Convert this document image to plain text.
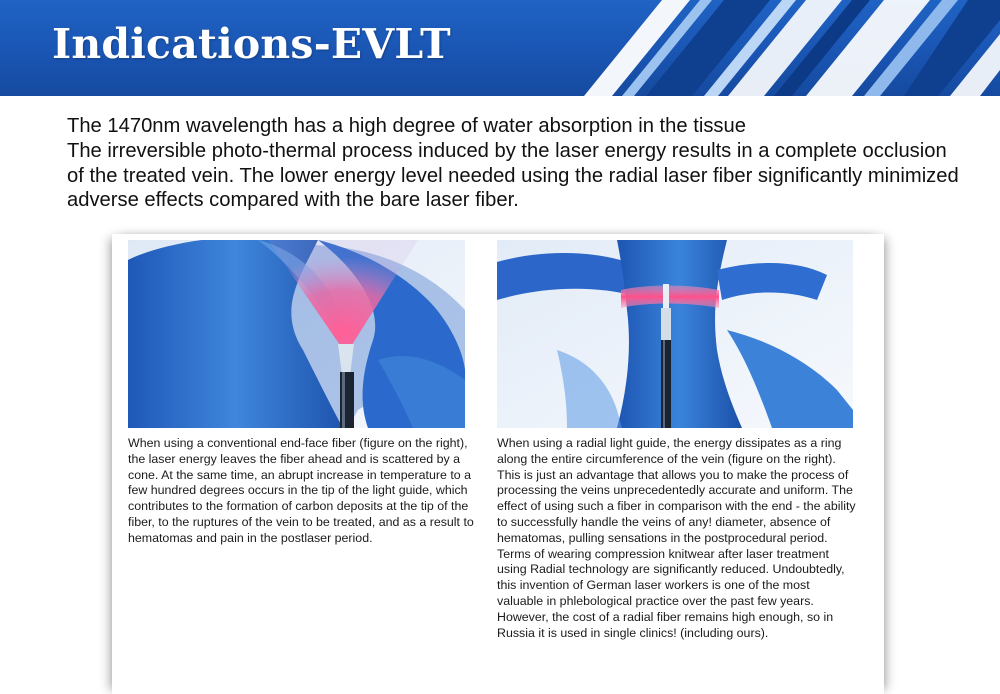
Indications-EVLT

The 1470nm wavelength has a high degree of water absorption in the tissue

The irreversible photo-thermal process induced by the laser energy results in a complete occlusion of the treated vein. The lower energy level needed using the radial laser fiber significantly minimized adverse effects compared with the bare laser fiber.

When using a conventional end-face fiber (figure on the right), the laser energy leaves the fiber ahead and is scattered by a cone. At the same time, an abrupt increase in temperature to a few hundred degrees occurs in the tip of the light guide, which contributes to the formation of carbon deposits at the tip of the fiber, to the ruptures of the vein to be treated, and as a result to hematomas and pain in the postlaser period.

When using a radial light guide, the energy dissipates as a ring along the entire circumference of the vein (figure on the right). This is just an advantage that allows you to make the process of processing the veins unprecedentedly accurate and uniform. The effect of using such a fiber in comparison with the end - the ability to successfully handle the veins of any! diameter, absence of hematomas, pulling sensations in the postprocedural period. Terms of wearing compression knitwear after laser treatment using Radial technology are significantly reduced. Undoubtedly, this invention of German laser workers is one of the most valuable in phlebological practice over the past few years. However, the cost of a radial fiber remains high enough, so in Russia it is used in single clinics! (including ours).
